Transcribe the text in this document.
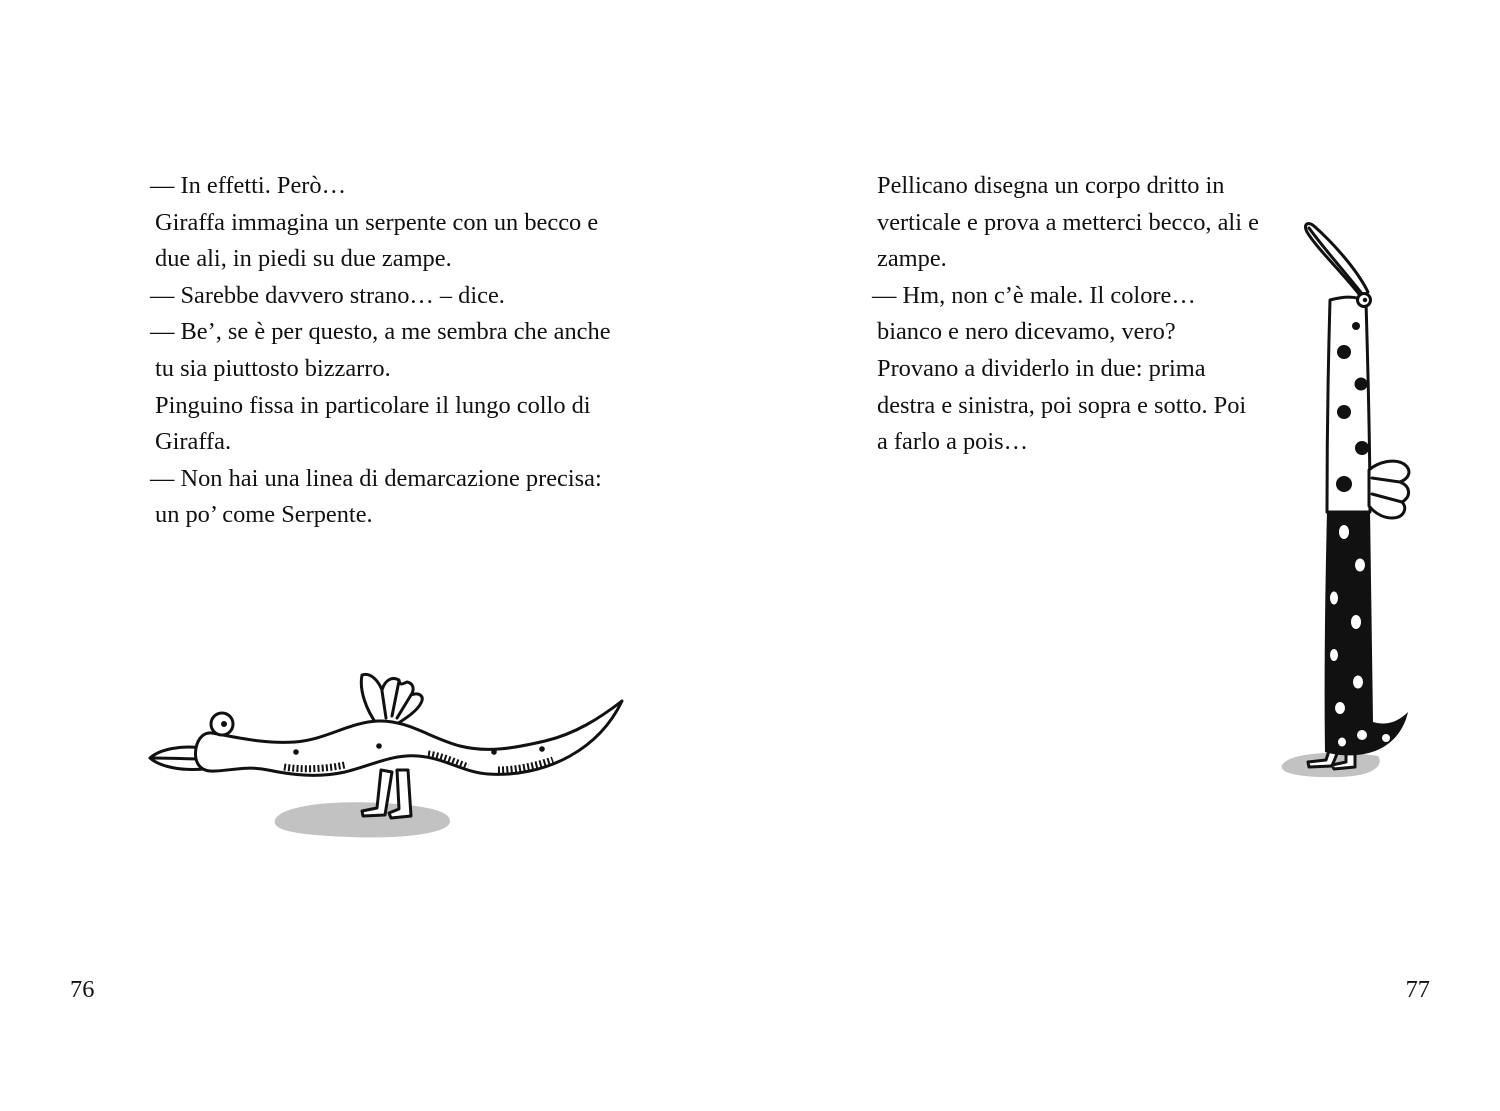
— In effetti. Però…
Giraffa immagina un serpente con un becco e
due ali, in piedi su due zampe.
— Sarebbe davvero strano… – dice.
— Be’, se è per questo, a me sembra che anche
tu sia piuttosto bizzarro.
Pinguino fissa in particolare il lungo collo di
Giraffa.
— Non hai una linea di demarcazione precisa:
un po’ come Serpente.
76
Pellicano disegna un corpo dritto in
verticale e prova a metterci becco, ali e
zampe.
— Hm, non c’è male. Il colore…
bianco e nero dicevamo, vero?
Provano a dividerlo in due: prima
destra e sinistra, poi sopra e sotto. Poi
a farlo a pois…
77
